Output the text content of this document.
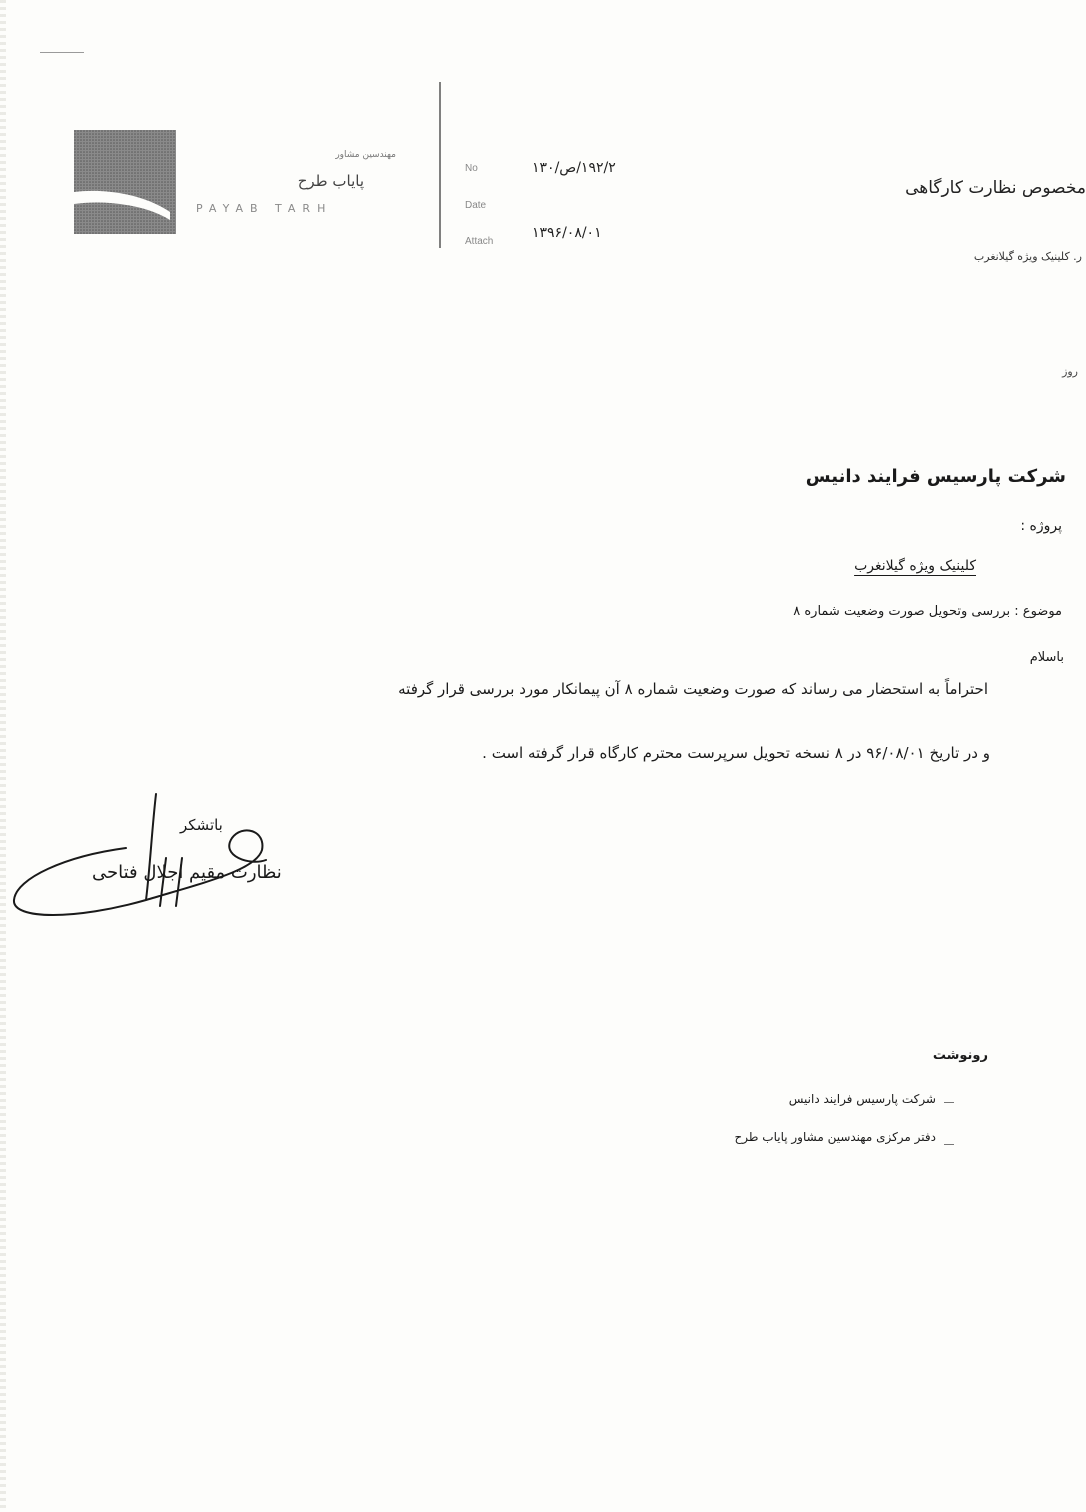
مهندسین مشاور
پایاب طرح
PAYAB TARH
No	۱۹۲/۲/ص/۱۳۰
Date
۱۳۹۶/۰۸/۰۱
Attach
مخصوص نظارت کارگاهی
ر. کلینیک ویژه گیلانغرب
روز
شرکت پارسیس فرایند دانیس
پروژه :
کلینیک ویژه گیلانغرب
موضوع : بررسی وتحویل صورت وضعیت شماره ۸
باسلام
احتراماً به استحضار می رساند که صورت وضعیت شماره ۸ آن پیمانکار مورد بررسی قرار گرفته
و در تاریخ ۹۶/۰۸/۰۱ در ۸ نسخه تحویل سرپرست محترم کارگاه قرار گرفته است .
باتشکر
نظارت مقیم اجلال فتاحی
رونوشت
شرکت پارسیس فرایند دانیس
دفتر مرکزی مهندسین مشاور پایاب طرح
